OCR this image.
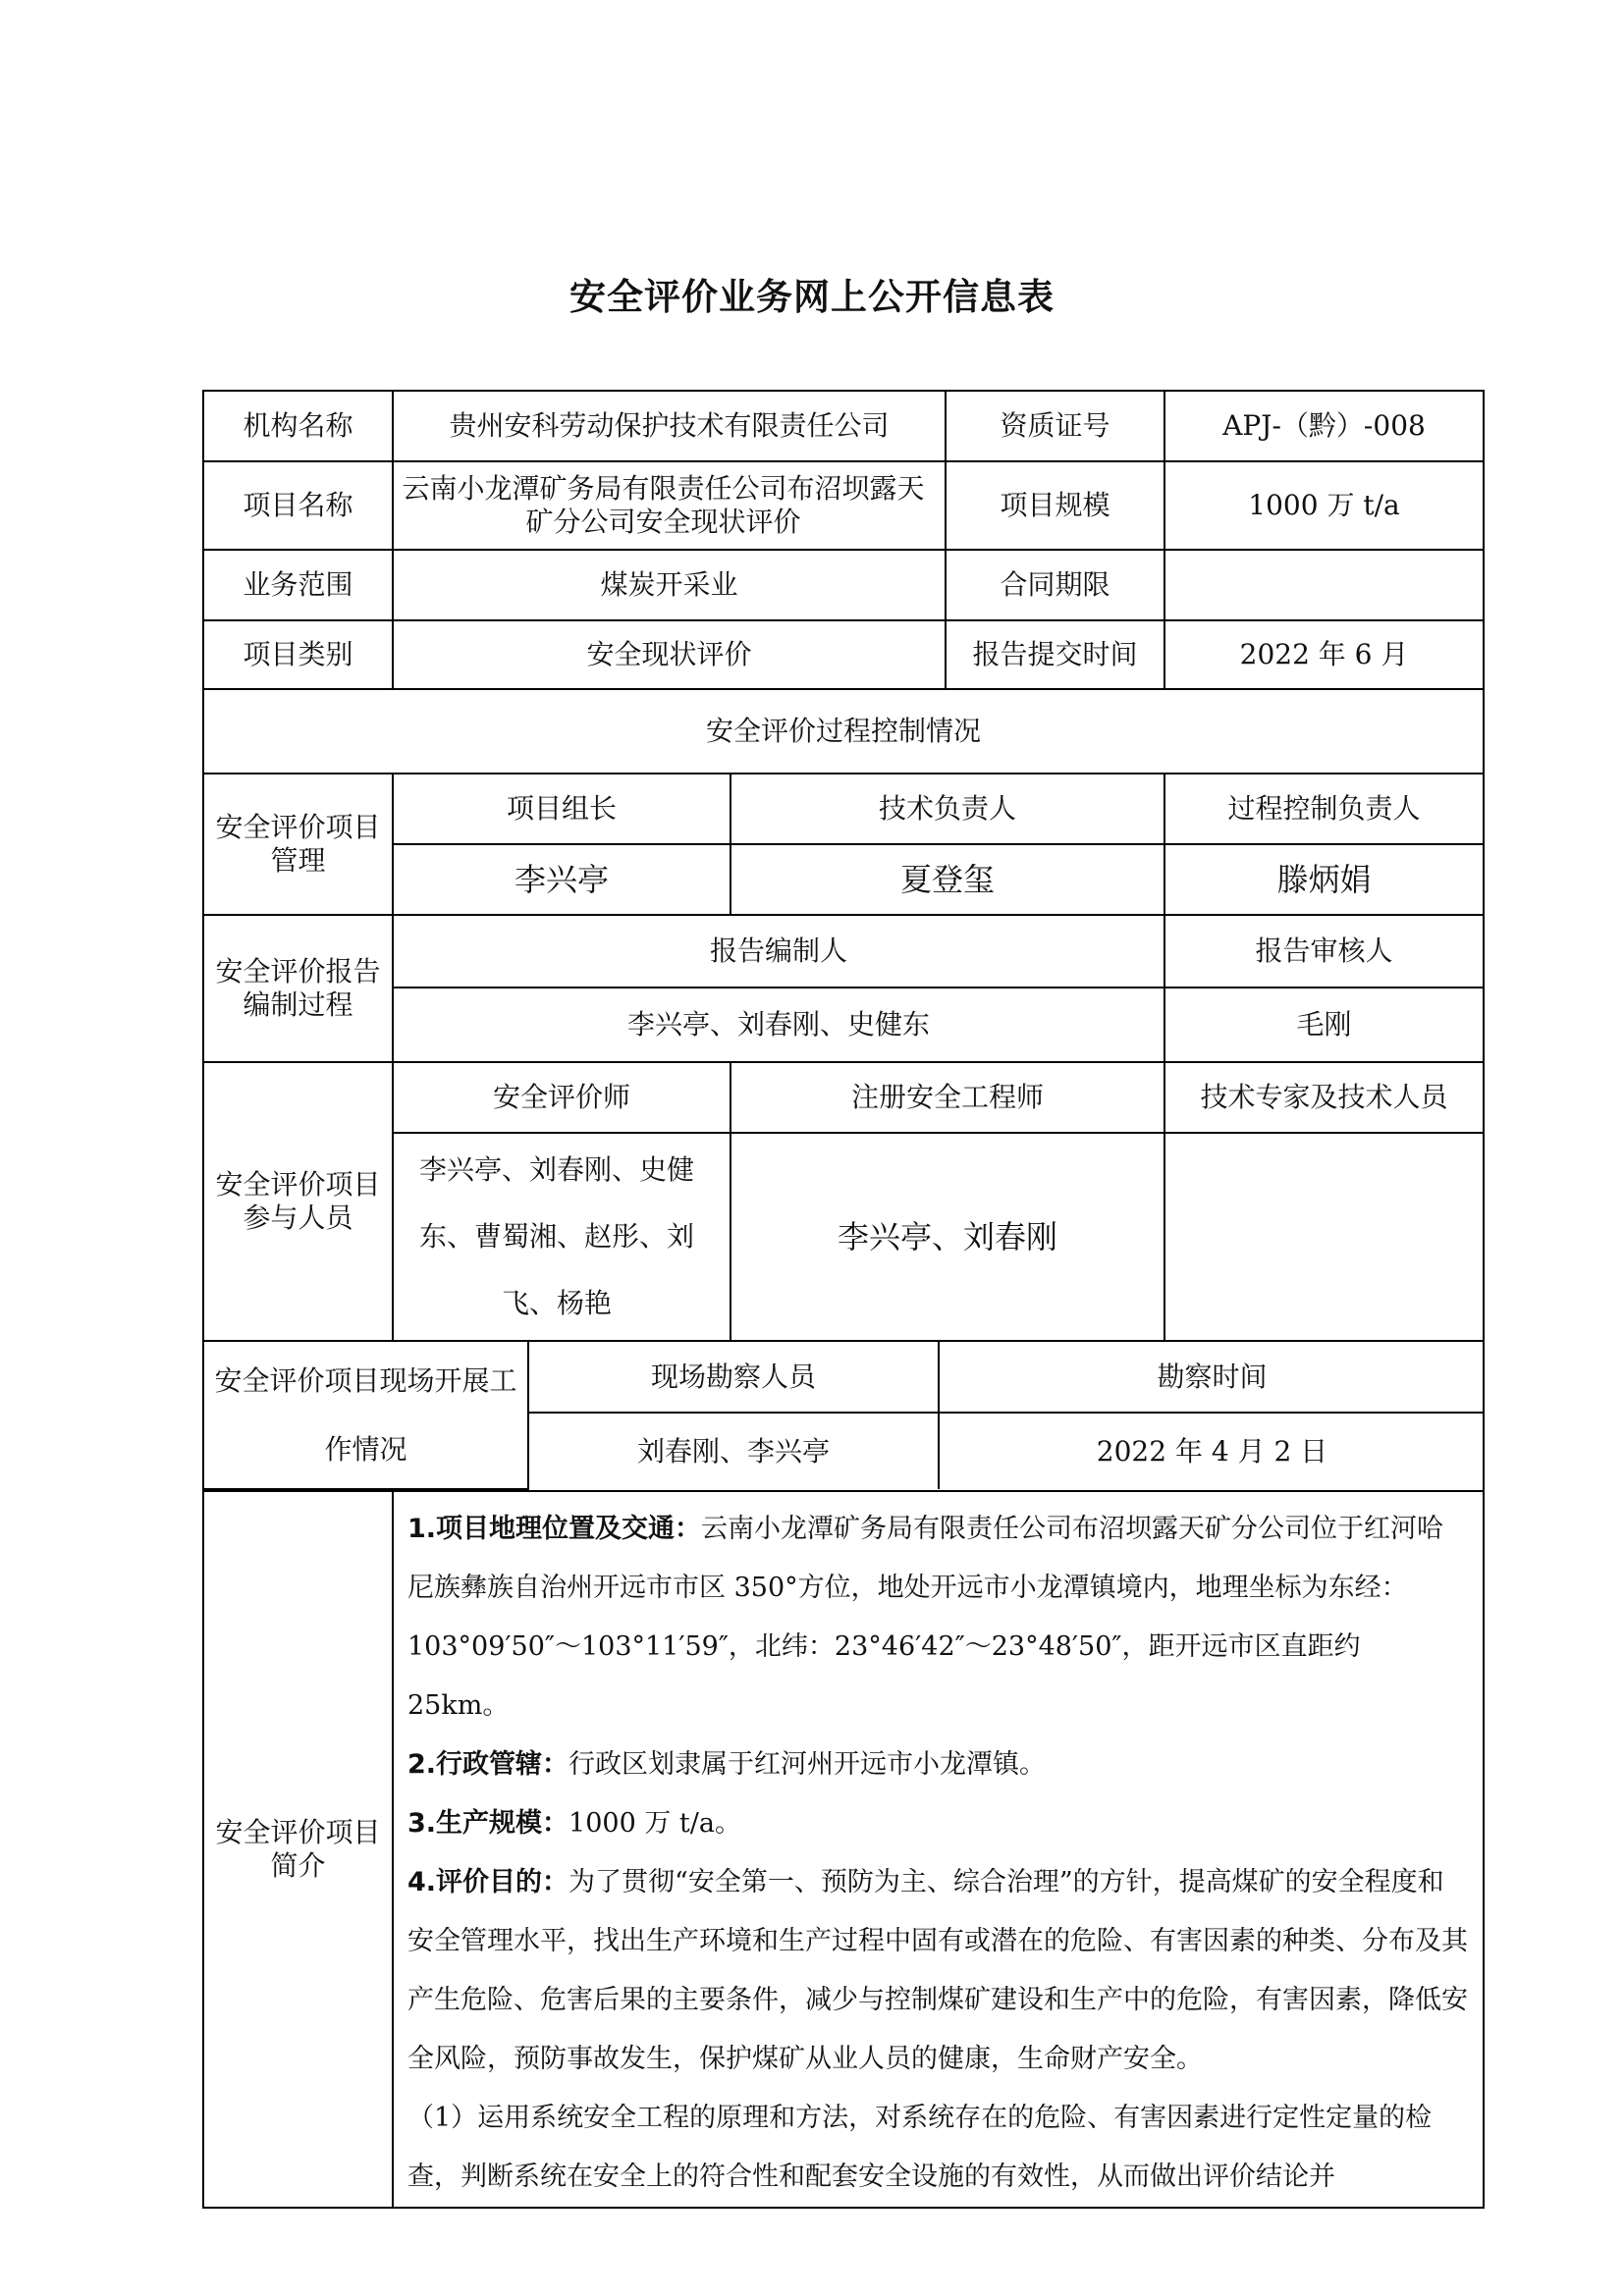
安全评价业务网上公开信息表
机构名称	贵州安科劳动保护技术有限责任公司	资质证号	APJ-（黔）-008
项目名称	云南小龙潭矿务局有限责任公司布沼坝露天矿分公司安全现状评价	项目规模	1000 万 t/a
业务范围	煤炭开采业	合同期限	
项目类别	安全现状评价	报告提交时间	2022 年 6 月
安全评价过程控制情况
安全评价项目管理	项目组长	技术负责人	过程控制负责人
李兴亭	夏登玺	滕炳娟
安全评价报告编制过程	报告编制人	报告审核人
李兴亭、刘春刚、史健东	毛刚
安全评价项目参与人员	安全评价师	注册安全工程师	技术专家及技术人员
李兴亭、刘春刚、史健东、曹蜀湘、赵彤、刘飞、杨艳	李兴亭、刘春刚	

安全评价项目现场开展工作情况	现场勘察人员	勘察时间
刘春刚、李兴亭	2022 年 4 月 2 日

安全评价项目简介	

1.项目地理位置及交通：云南小龙潭矿务局有限责任公司布沼坝露天矿分公司位于红河哈尼族彝族自治州开远市市区 350°方位，地处开远市小龙潭镇境内，地理坐标为东经：103°09′50″～103°11′59″，北纬：23°46′42″～23°48′50″，距开远市区直距约 25km。

2.行政管辖：行政区划隶属于红河州开远市小龙潭镇。

3.生产规模：1000 万 t/a。

4.评价目的：为了贯彻“安全第一、预防为主、综合治理”的方针，提高煤矿的安全程度和安全管理水平，找出生产环境和生产过程中固有或潜在的危险、有害因素的种类、分布及其产生危险、危害后果的主要条件，减少与控制煤矿建设和生产中的危险，有害因素，降低安全风险，预防事故发生，保护煤矿从业人员的健康，生命财产安全。

（1）运用系统安全工程的原理和方法，对系统存在的危险、有害因素进行定性定量的检查，判断系统在安全上的符合性和配套安全设施的有效性，从而做出评价结论并
